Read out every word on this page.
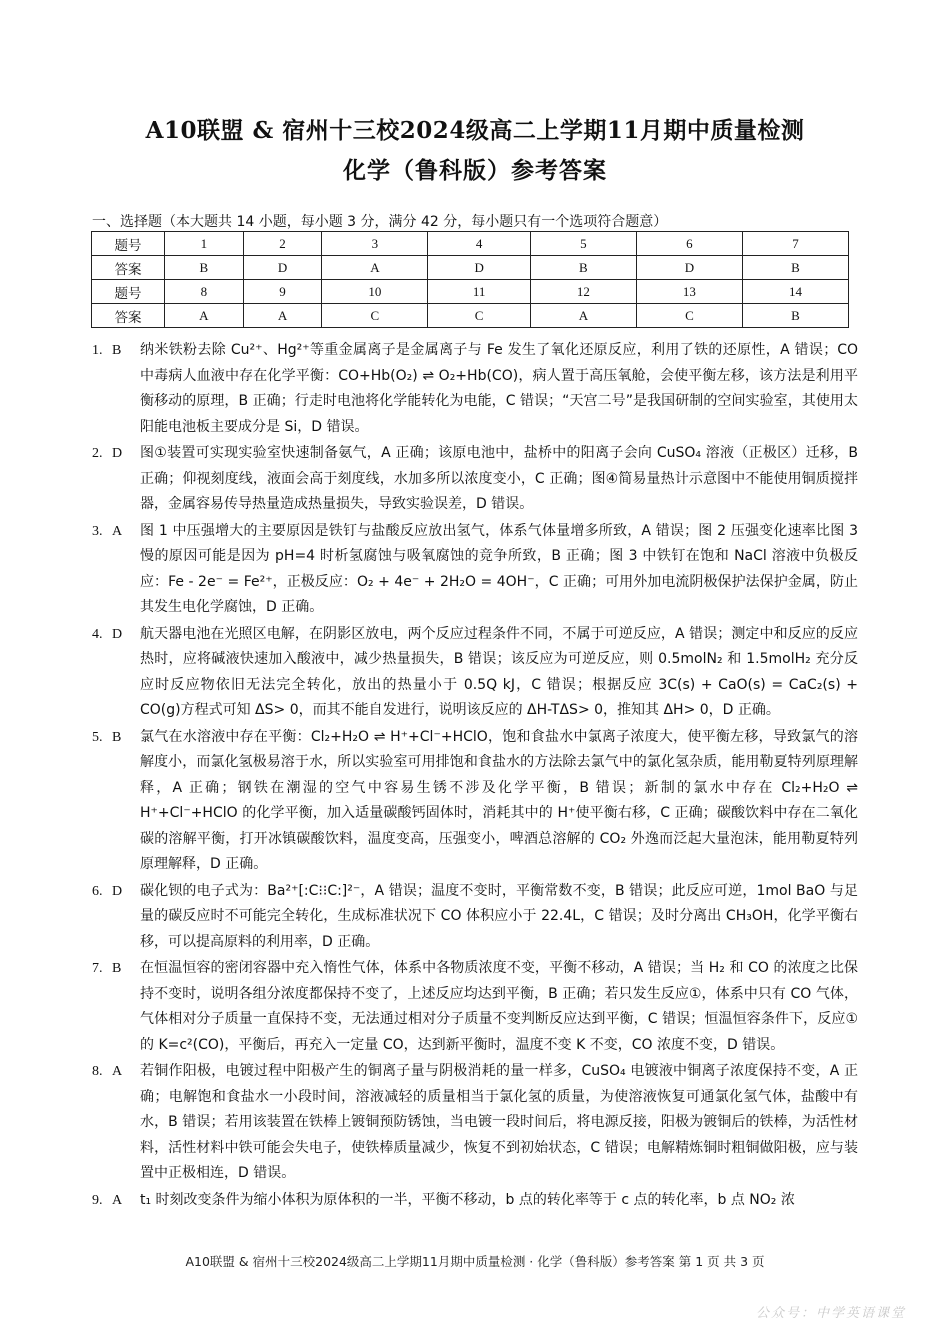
A10联盟 & 宿州十三校2024级高二上学期11月期中质量检测
化学（鲁科版）参考答案
一、选择题（本大题共 14 小题，每小题 3 分，满分 42 分，每小题只有一个选项符合题意）
题号	1	2	3	4	5	6	7
答案	B	D	A	D	B	D	B
题号	8	9	10	11	12	13	14
答案	A	A	C	C	A	C	B
1. B 纳米铁粉去除 Cu²⁺、Hg²⁺等重金属离子是金属离子与 Fe 发生了氧化还原反应，利用了铁的还原性，A 错误；CO 中毒病人血液中存在化学平衡：CO+Hb(O₂) ⇌ O₂+Hb(CO)，病人置于高压氧舱，会使平衡左移，该方法是利用平衡移动的原理，B 正确；行走时电池将化学能转化为电能，C 错误；“天宫二号”是我国研制的空间实验室，其使用太阳能电池板主要成分是 Si，D 错误。
2. D 图①装置可实现实验室快速制备氨气，A 正确；该原电池中，盐桥中的阳离子会向 CuSO₄ 溶液（正极区）迁移，B 正确；仰视刻度线，液面会高于刻度线，水加多所以浓度变小，C 正确；图④简易量热计示意图中不能使用铜质搅拌器，金属容易传导热量造成热量损失，导致实验误差，D 错误。
3. A 图 1 中压强增大的主要原因是铁钉与盐酸反应放出氢气，体系气体量增多所致，A 错误；图 2 压强变化速率比图 3 慢的原因可能是因为 pH=4 时析氢腐蚀与吸氧腐蚀的竞争所致，B 正确；图 3 中铁钉在饱和 NaCl 溶液中负极反应：Fe - 2e⁻ = Fe²⁺，正极反应：O₂ + 4e⁻ + 2H₂O = 4OH⁻，C 正确；可用外加电流阴极保护法保护金属，防止其发生电化学腐蚀，D 正确。
4. D 航天器电池在光照区电解，在阴影区放电，两个反应过程条件不同，不属于可逆反应，A 错误；测定中和反应的反应热时，应将碱液快速加入酸液中，减少热量损失，B 错误；该反应为可逆反应，则 0.5molN₂ 和 1.5molH₂ 充分反应时反应物依旧无法完全转化，放出的热量小于 0.5Q kJ，C 错误；根据反应 3C(s) + CaO(s) = CaC₂(s) + CO(g)方程式可知 ΔS> 0，而其不能自发进行，说明该反应的 ΔH-TΔS> 0，推知其 ΔH> 0，D 正确。
5. B 氯气在水溶液中存在平衡：Cl₂+H₂O ⇌ H⁺+Cl⁻+HClO，饱和食盐水中氯离子浓度大，使平衡左移，导致氯气的溶解度小，而氯化氢极易溶于水，所以实验室可用排饱和食盐水的方法除去氯气中的氯化氢杂质，能用勒夏特列原理解释，A 正确；钢铁在潮湿的空气中容易生锈不涉及化学平衡，B 错误；新制的氯水中存在 Cl₂+H₂O ⇌ H⁺+Cl⁻+HClO 的化学平衡，加入适量碳酸钙固体时，消耗其中的 H⁺使平衡右移，C 正确；碳酸饮料中存在二氧化碳的溶解平衡，打开冰镇碳酸饮料，温度变高，压强变小，啤酒总溶解的 CO₂ 外逸而泛起大量泡沫，能用勒夏特列原理解释，D 正确。
6. D 碳化钡的电子式为：Ba²⁺[:C⁝⁝C:]²⁻，A 错误；温度不变时，平衡常数不变，B 错误；此反应可逆，1mol BaO 与足量的碳反应时不可能完全转化，生成标准状况下 CO 体积应小于 22.4L，C 错误；及时分离出 CH₃OH，化学平衡右移，可以提高原料的利用率，D 正确。
7. B 在恒温恒容的密闭容器中充入惰性气体，体系中各物质浓度不变，平衡不移动，A 错误；当 H₂ 和 CO 的浓度之比保持不变时，说明各组分浓度都保持不变了，上述反应均达到平衡，B 正确；若只发生反应①，体系中只有 CO 气体，气体相对分子质量一直保持不变，无法通过相对分子质量不变判断反应达到平衡，C 错误；恒温恒容条件下，反应①的 K=c²(CO)，平衡后，再充入一定量 CO，达到新平衡时，温度不变 K 不变，CO 浓度不变，D 错误。
8. A 若铜作阳极，电镀过程中阳极产生的铜离子量与阴极消耗的量一样多，CuSO₄ 电镀液中铜离子浓度保持不变，A 正确；电解饱和食盐水一小段时间，溶液减轻的质量相当于氯化氢的质量，为使溶液恢复可通氯化氢气体，盐酸中有水，B 错误；若用该装置在铁棒上镀铜预防锈蚀，当电镀一段时间后，将电源反接，阳极为镀铜后的铁棒，为活性材料，活性材料中铁可能会失电子，使铁棒质量减少，恢复不到初始状态，C 错误；电解精炼铜时粗铜做阳极，应与装置中正极相连，D 错误。
9. A t₁ 时刻改变条件为缩小体积为原体积的一半，平衡不移动，b 点的转化率等于 c 点的转化率，b 点 NO₂ 浓
A10联盟 & 宿州十三校2024级高二上学期11月期中质量检测 · 化学（鲁科版）参考答案 第 1 页 共 3 页
公众号：中学英语课堂
